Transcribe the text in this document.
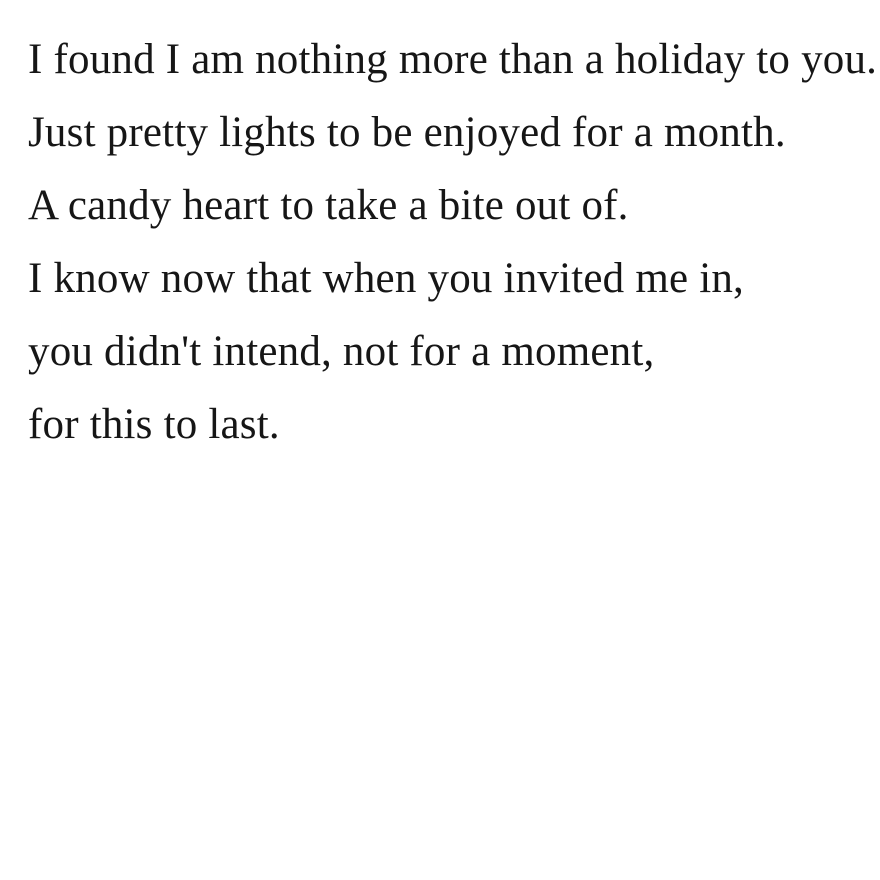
I found I am nothing more than a holiday to you.
Just pretty lights to be enjoyed for a month.
A candy heart to take a bite out of.
I know now that when you invited me in,
you didn't intend, not for a moment,
for this to last.
